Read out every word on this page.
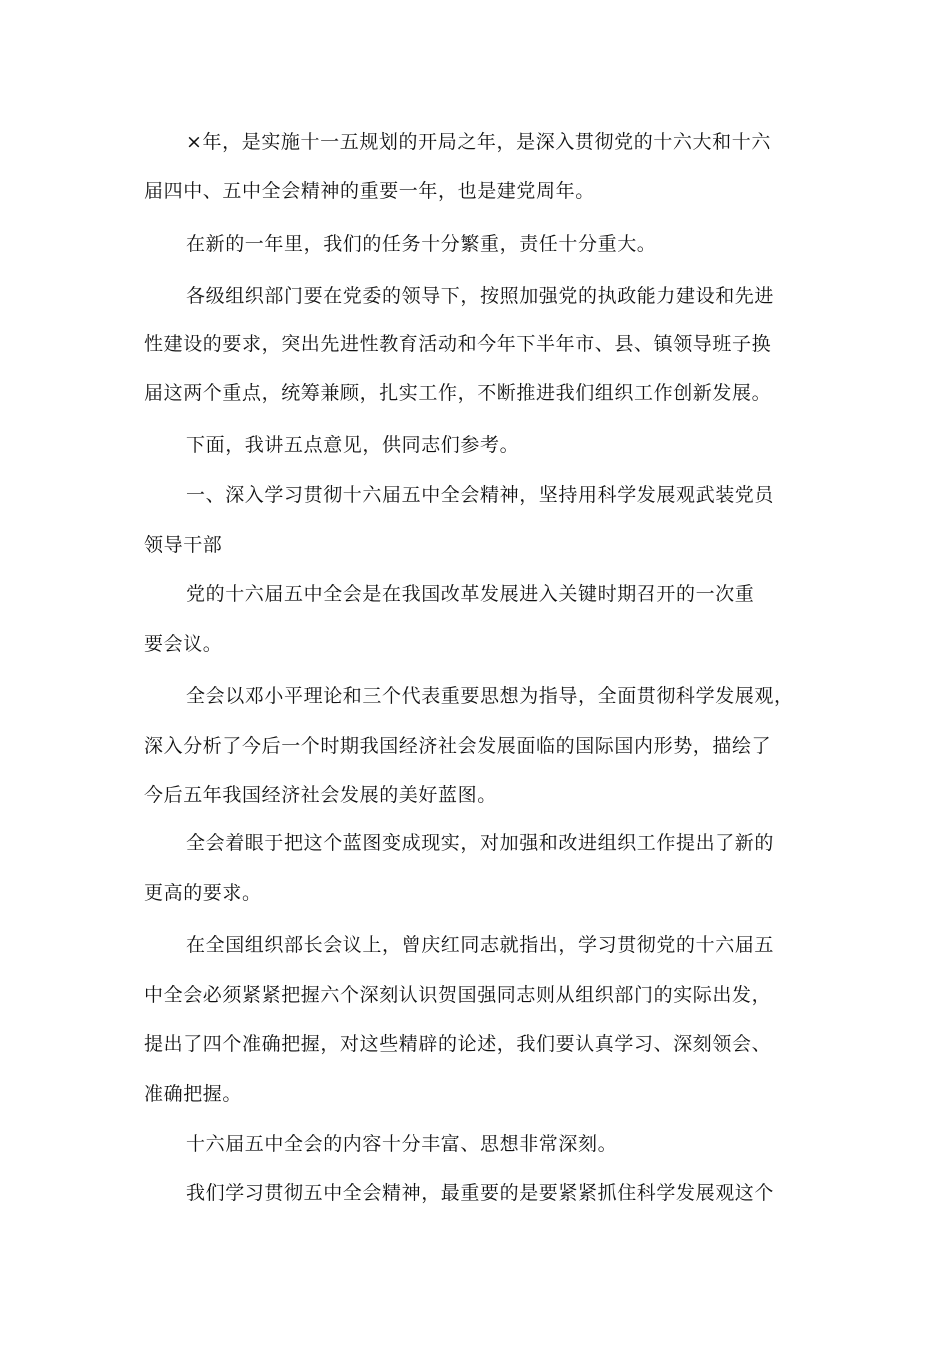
×年，是实施十一五规划的开局之年，是深入贯彻党的十六大和十六
届四中、五中全会精神的重要一年，也是建党周年。
在新的一年里，我们的任务十分繁重，责任十分重大。
各级组织部门要在党委的领导下，按照加强党的执政能力建设和先进
性建设的要求，突出先进性教育活动和今年下半年市、县、镇领导班子换
届这两个重点，统筹兼顾，扎实工作，不断推进我们组织工作创新发展。
下面，我讲五点意见，供同志们参考。
一、深入学习贯彻十六届五中全会精神，坚持用科学发展观武装党员
领导干部
党的十六届五中全会是在我国改革发展进入关键时期召开的一次重
要会议。
全会以邓小平理论和三个代表重要思想为指导，全面贯彻科学发展观，
深入分析了今后一个时期我国经济社会发展面临的国际国内形势，描绘了
今后五年我国经济社会发展的美好蓝图。
全会着眼于把这个蓝图变成现实，对加强和改进组织工作提出了新的
更高的要求。
在全国组织部长会议上，曾庆红同志就指出，学习贯彻党的十六届五
中全会必须紧紧把握六个深刻认识贺国强同志则从组织部门的实际出发，
提出了四个准确把握，对这些精辟的论述，我们要认真学习、深刻领会、
准确把握。
十六届五中全会的内容十分丰富、思想非常深刻。
我们学习贯彻五中全会精神，最重要的是要紧紧抓住科学发展观这个
